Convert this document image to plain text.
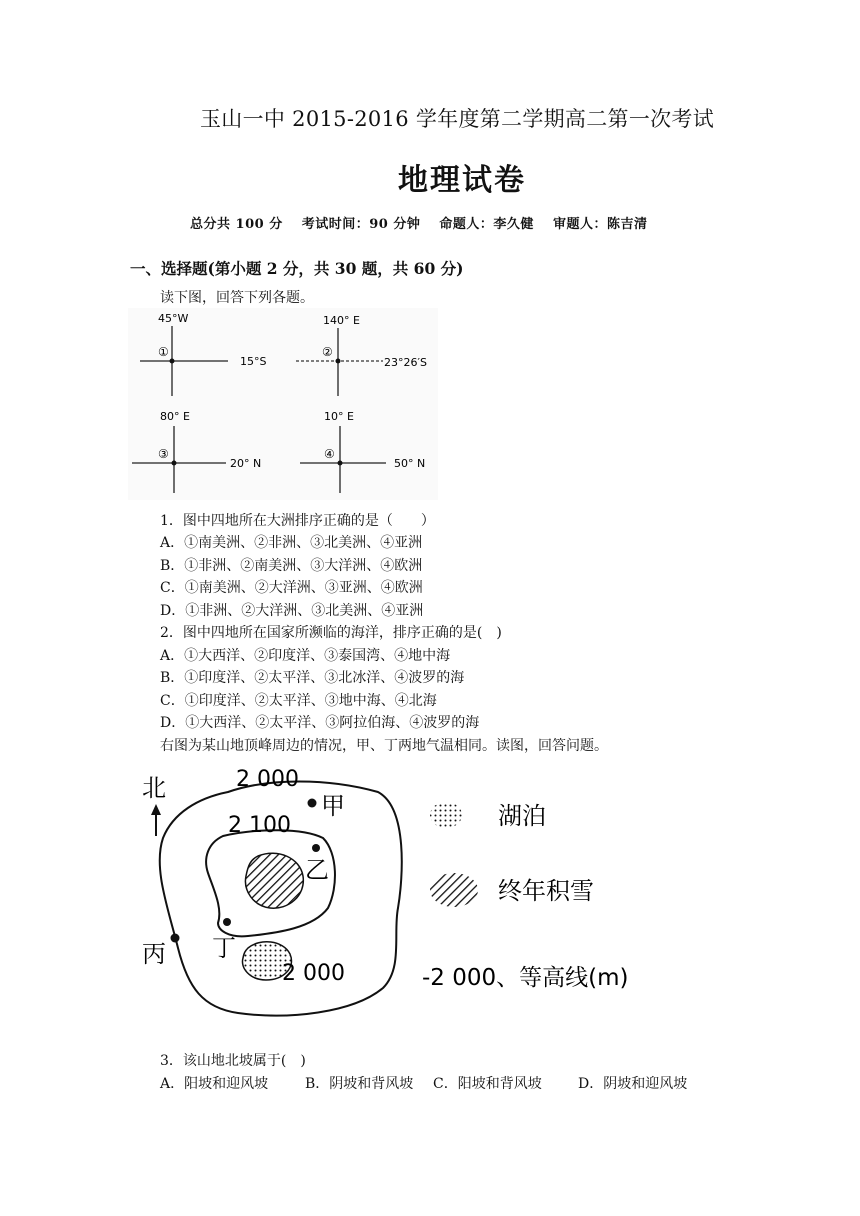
玉山一中 2015-2016 学年度第二学期高二第一次考试
地理试卷
总分共 100 分 考试时间：90 分钟 命题人：李久健 审题人：陈吉清
一、选择题(第小题 2 分，共 30 题，共 60 分)
读下图，回答下列各题。
45°W
①
15°S
140° E
②
23°26′S
80° E
③
20° N
10° E
④
50° N
1．图中四地所在大洲排序正确的是（　　）
A．①南美洲、②非洲、③北美洲、④亚洲
B．①非洲、②南美洲、③大洋洲、④欧洲
C．①南美洲、②大洋洲、③亚洲、④欧洲
D．①非洲、②大洋洲、③北美洲、④亚洲
2．图中四地所在国家所濒临的海洋，排序正确的是(　)
A．①大西洋、②印度洋、③泰国湾、④地中海
B．①印度洋、②太平洋、③北冰洋、④波罗的海
C．①印度洋、②太平洋、③地中海、④北海
D．①大西洋、②太平洋、③阿拉伯海、④波罗的海
右图为某山地顶峰周边的情况，甲、丁两地气温相同。读图，回答问题。
北	2 000
2 100
2 000
甲
乙
丙 丁
湖泊
终年积雪
-2 000、等高线(m)
3．该山地北坡属于(　)
A．阳坡和迎风坡	B．阴坡和背风坡 C．阳坡和背风坡	D．阴坡和迎风坡
